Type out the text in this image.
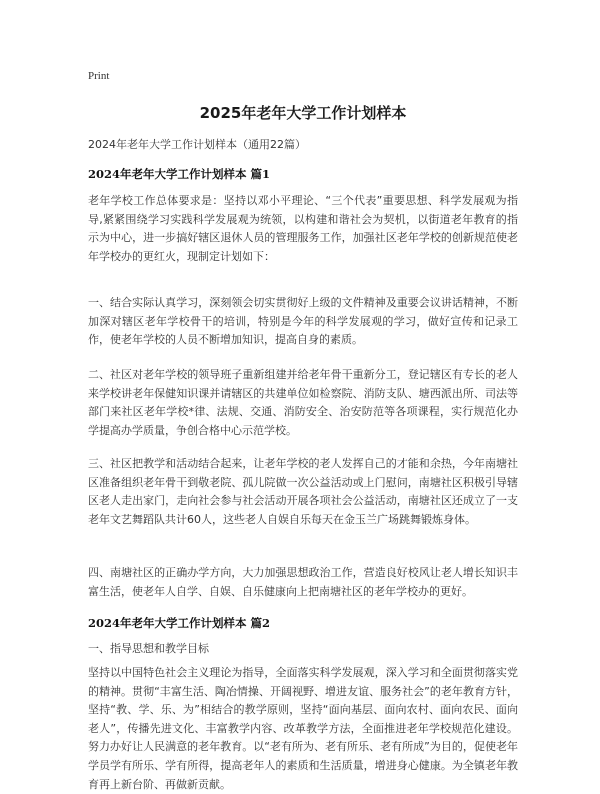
Print
2025年老年大学工作计划样本

2024年老年大学工作计划样本（通用22篇）

2024年老年大学工作计划样本 篇1

老年学校工作总体要求是：坚持以邓小平理论、“三个代表”重要思想、科学发展观为指导,紧紧围绕学习实践科学发展观为统领，以构建和谐社会为契机，以街道老年教育的指示为中心，进一步搞好辖区退休人员的管理服务工作，加强社区老年学校的创新规范使老年学校办的更红火，现制定计划如下：

一、结合实际认真学习，深刻领会切实贯彻好上级的文件精神及重要会议讲话精神，不断加深对辖区老年学校骨干的培训，特别是今年的科学发展观的学习，做好宣传和记录工作，使老年学校的人员不断增加知识，提高自身的素质。

二、社区对老年学校的领导班子重新组建并给老年骨干重新分工，登记辖区有专长的老人来学校讲老年保健知识课并请辖区的共建单位如检察院、消防支队、塘西派出所、司法等部门来社区老年学校*律、法规、交通、消防安全、治安防范等各项课程，实行规范化办学提高办学质量，争创合格中心示范学校。

三、社区把教学和活动结合起来，让老年学校的老人发挥自己的才能和余热，今年南塘社区准备组织老年骨干到敬老院、孤儿院做一次公益活动或上门慰问，南塘社区积极引导辖区老人走出家门，走向社会参与社会活动开展各项社会公益活动，南塘社区还成立了一支老年文艺舞蹈队共计60人，这些老人自娱自乐每天在金玉兰广场跳舞锻炼身体。

四、南塘社区的正确办学方向，大力加强思想政治工作，营造良好校风让老人增长知识丰富生活，使老年人自学、自娱、自乐健康向上把南塘社区的老年学校办的更好。

2024年老年大学工作计划样本 篇2

一、指导思想和教学目标

坚持以中国特色社会主义理论为指导，全面落实科学发展观，深入学习和全面贯彻落实党的精神。贯彻“丰富生活、陶冶情操、开阔视野、增进友谊、服务社会”的老年教育方针，坚持“教、学、乐、为”相结合的教学原则，坚持“面向基层、面向农村、面向农民、面向老人”，传播先进文化、丰富教学内容、改革教学方法，全面推进老年学校规范化建设。努力办好让人民满意的老年教育。以“老有所为、老有所乐、老有所成”为目的，促使老年学员学有所乐、学有所得，提高老年人的素质和生活质量，增进身心健康。为全镇老年教育再上新台阶、再做新贡献。
